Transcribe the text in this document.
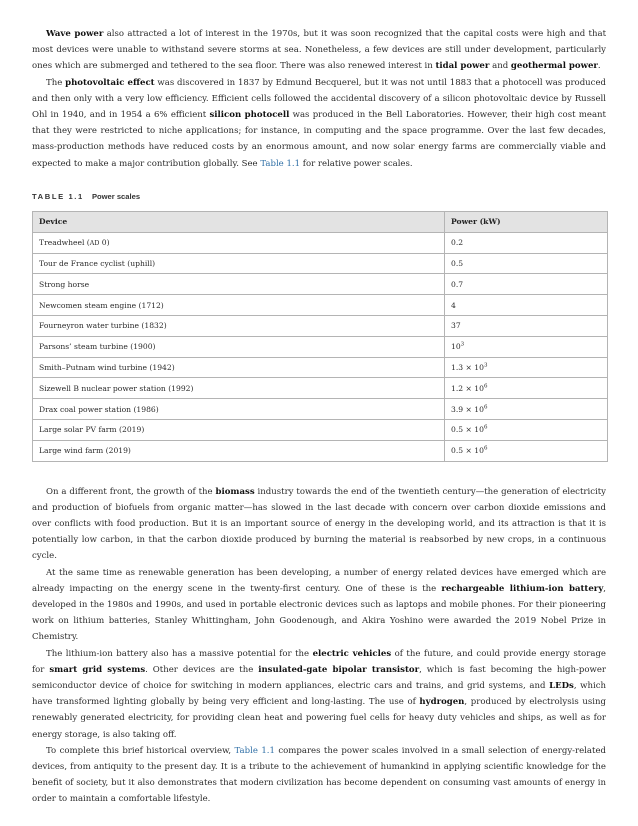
Wave power also attracted a lot of interest in the 1970s, but it was soon recognized that the capital costs were high and that most devices were unable to withstand severe storms at sea. Nonetheless, a few devices are still under development, particularly ones which are submerged and tethered to the sea floor. There was also renewed interest in tidal power and geothermal power.

The photovoltaic effect was discovered in 1837 by Edmund Becquerel, but it was not until 1883 that a photocell was produced and then only with a very low efficiency. Efficient cells followed the accidental discovery of a silicon photovoltaic device by Russell Ohl in 1940, and in 1954 a 6% efficient silicon photocell was produced in the Bell Laboratories. However, their high cost meant that they were restricted to niche applications; for instance, in computing and the space programme. Over the last few decades, mass-production methods have reduced costs by an enormous amount, and now solar energy farms are commercially viable and expected to make a major contribution globally. See Table 1.1 for relative power scales.

TABLE 1.1 Power scales
Device	Power (kW)
Treadwheel (AD 0)	0.2
Tour de France cyclist (uphill)	0.5
Strong horse	0.7
Newcomen steam engine (1712)	4
Fourneyron water turbine (1832)	37
Parsons’ steam turbine (1900)	$10^3$
Smith–Putnam wind turbine (1942)	$1.3 \times 10^3$
Sizewell B nuclear power station (1992)	$1.2 \times 10^6$
Drax coal power station (1986)	$3.9 \times 10^6$
Large solar PV farm (2019)	$0.5 \times 10^6$
Large wind farm (2019)	$0.5 \times 10^6$

On a different front, the growth of the biomass industry towards the end of the twentieth century—the generation of electricity and production of biofuels from organic matter—has slowed in the last decade with concern over carbon dioxide emissions and over conflicts with food production. But it is an important source of energy in the developing world, and its attraction is that it is potentially low carbon, in that the carbon dioxide produced by burning the material is reabsorbed by new crops, in a continuous cycle.

At the same time as renewable generation has been developing, a number of energy related devices have emerged which are already impacting on the energy scene in the twenty-first century. One of these is the rechargeable lithium-ion battery, developed in the 1980s and 1990s, and used in portable electronic devices such as laptops and mobile phones. For their pioneering work on lithium batteries, Stanley Whittingham, John Goodenough, and Akira Yoshino were awarded the 2019 Nobel Prize in Chemistry.

The lithium-ion battery also has a massive potential for the electric vehicles of the future, and could provide energy storage for smart grid systems. Other devices are the insulated-gate bipolar transistor, which is fast becoming the high-power semiconductor device of choice for switching in modern appliances, electric cars and trains, and grid systems, and LEDs, which have transformed lighting globally by being very efficient and long-lasting. The use of hydrogen, produced by electrolysis using renewably generated electricity, for providing clean heat and powering fuel cells for heavy duty vehicles and ships, as well as for energy storage, is also taking off.

To complete this brief historical overview, Table 1.1 compares the power scales involved in a small selection of energy-related devices, from antiquity to the present day. It is a tribute to the achievement of humankind in applying scientific knowledge for the benefit of society, but it also demonstrates that modern civilization has become dependent on consuming vast amounts of energy in order to maintain a comfortable lifestyle.
